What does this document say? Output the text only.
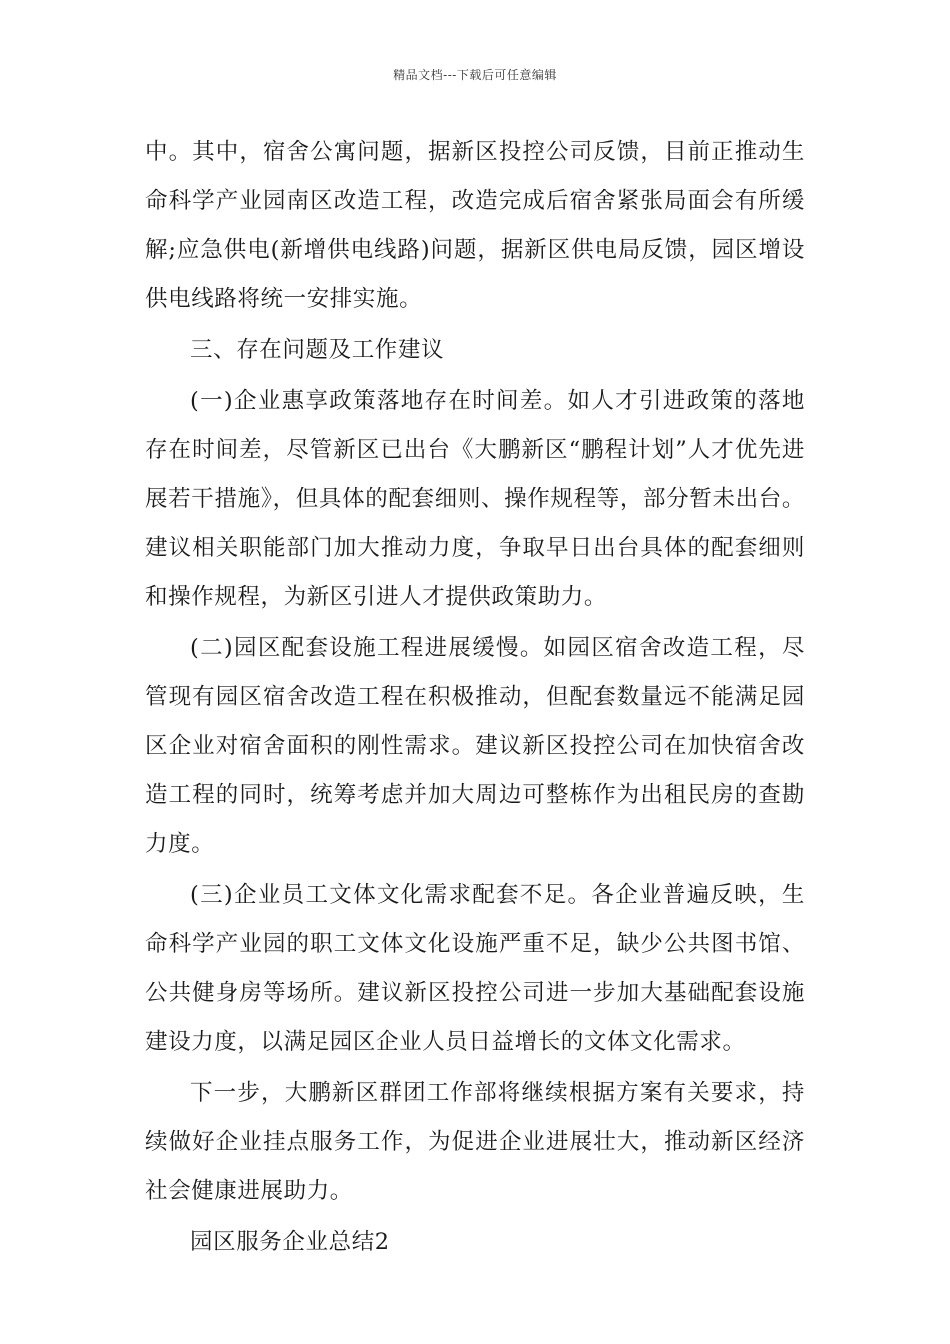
精品文档---下载后可任意编辑

中。其中，宿舍公寓问题，据新区投控公司反馈，目前正推动生命科学产业园南区改造工程，改造完成后宿舍紧张局面会有所缓解;应急供电(新增供电线路)问题，据新区供电局反馈，园区增设供电线路将统一安排实施。

三、存在问题及工作建议

(一)企业惠享政策落地存在时间差。如人才引进政策的落地存在时间差，尽管新区已出台《大鹏新区“鹏程计划”人才优先进展若干措施》，但具体的配套细则、操作规程等，部分暂未出台。建议相关职能部门加大推动力度，争取早日出台具体的配套细则和操作规程，为新区引进人才提供政策助力。

(二)园区配套设施工程进展缓慢。如园区宿舍改造工程，尽管现有园区宿舍改造工程在积极推动，但配套数量远不能满足园区企业对宿舍面积的刚性需求。建议新区投控公司在加快宿舍改造工程的同时，统筹考虑并加大周边可整栋作为出租民房的查勘力度。

(三)企业员工文体文化需求配套不足。各企业普遍反映，生命科学产业园的职工文体文化设施严重不足，缺少公共图书馆、公共健身房等场所。建议新区投控公司进一步加大基础配套设施建设力度，以满足园区企业人员日益增长的文体文化需求。

下一步，大鹏新区群团工作部将继续根据方案有关要求，持续做好企业挂点服务工作，为促进企业进展壮大，推动新区经济社会健康进展助力。

园区服务企业总结2
